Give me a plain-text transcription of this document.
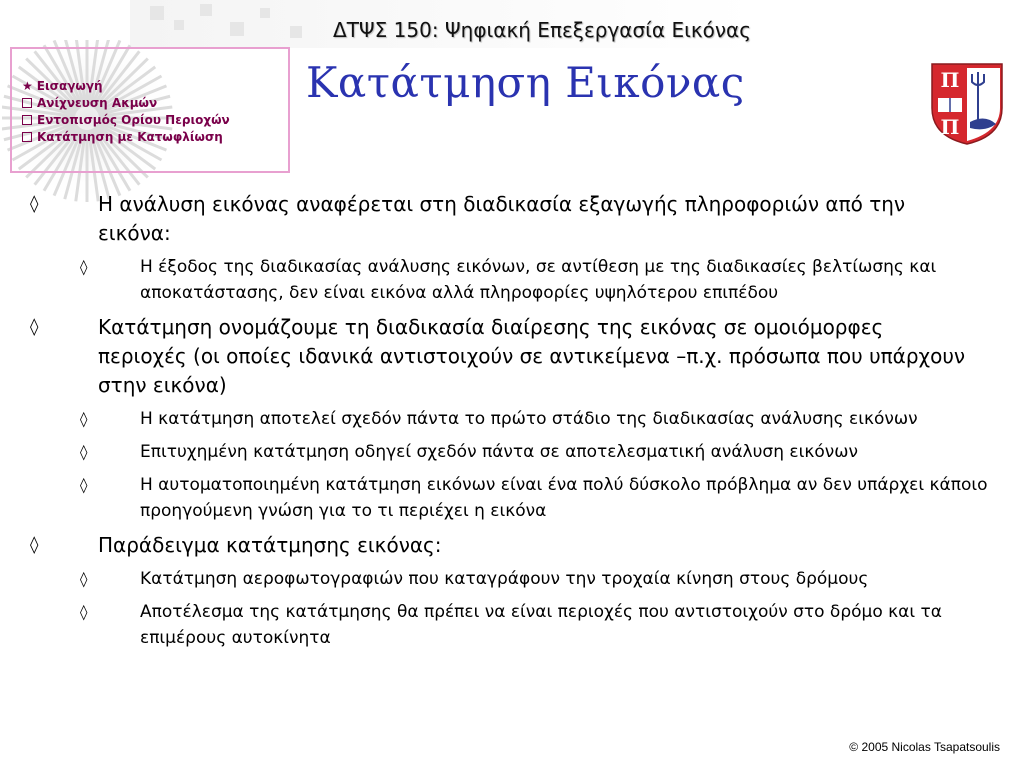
ΔΤΨΣ 150: Ψηφιακή Επεξεργασία Εικόνας
★ Εισαγωγή
Ανίχνευση Ακμών
Εντοπισμός Ορίου Περιοχών
Κατάτμηση με Κατωφλίωση
Κατάτμηση Εικόνας	Π
Π
◊	Η ανάλυση εικόνας αναφέρεται στη διαδικασία εξαγωγής πληροφοριών από την εικόνα:
◊	Η έξοδος της διαδικασίας ανάλυσης εικόνων, σε αντίθεση με της διαδικασίες βελτίωσης και αποκατάστασης, δεν είναι εικόνα αλλά πληροφορίες υψηλότερου επιπέδου
◊	Κατάτμηση ονομάζουμε τη διαδικασία διαίρεσης της εικόνας σε ομοιόμορφες περιοχές (οι οποίες ιδανικά αντιστοιχούν σε αντικείμενα –π.χ. πρόσωπα που υπάρχουν στην εικόνα)
◊	Η κατάτμηση αποτελεί σχεδόν πάντα το πρώτο στάδιο της διαδικασίας ανάλυσης εικόνων
◊	Επιτυχημένη κατάτμηση οδηγεί σχεδόν πάντα σε αποτελεσματική ανάλυση εικόνων
◊	Η αυτοματοποιημένη κατάτμηση εικόνων είναι ένα πολύ δύσκολο πρόβλημα αν δεν υπάρχει κάποιο προηγούμενη γνώση για το τι περιέχει η εικόνα
◊	Παράδειγμα κατάτμησης εικόνας:
◊	Κατάτμηση αεροφωτογραφιών που καταγράφουν την τροχαία κίνηση στους δρόμους
◊	Αποτέλεσμα της κατάτμησης θα πρέπει να είναι περιοχές που αντιστοιχούν στο δρόμο και τα επιμέρους αυτοκίνητα
© 2005 Nicolas Tsapatsoulis
